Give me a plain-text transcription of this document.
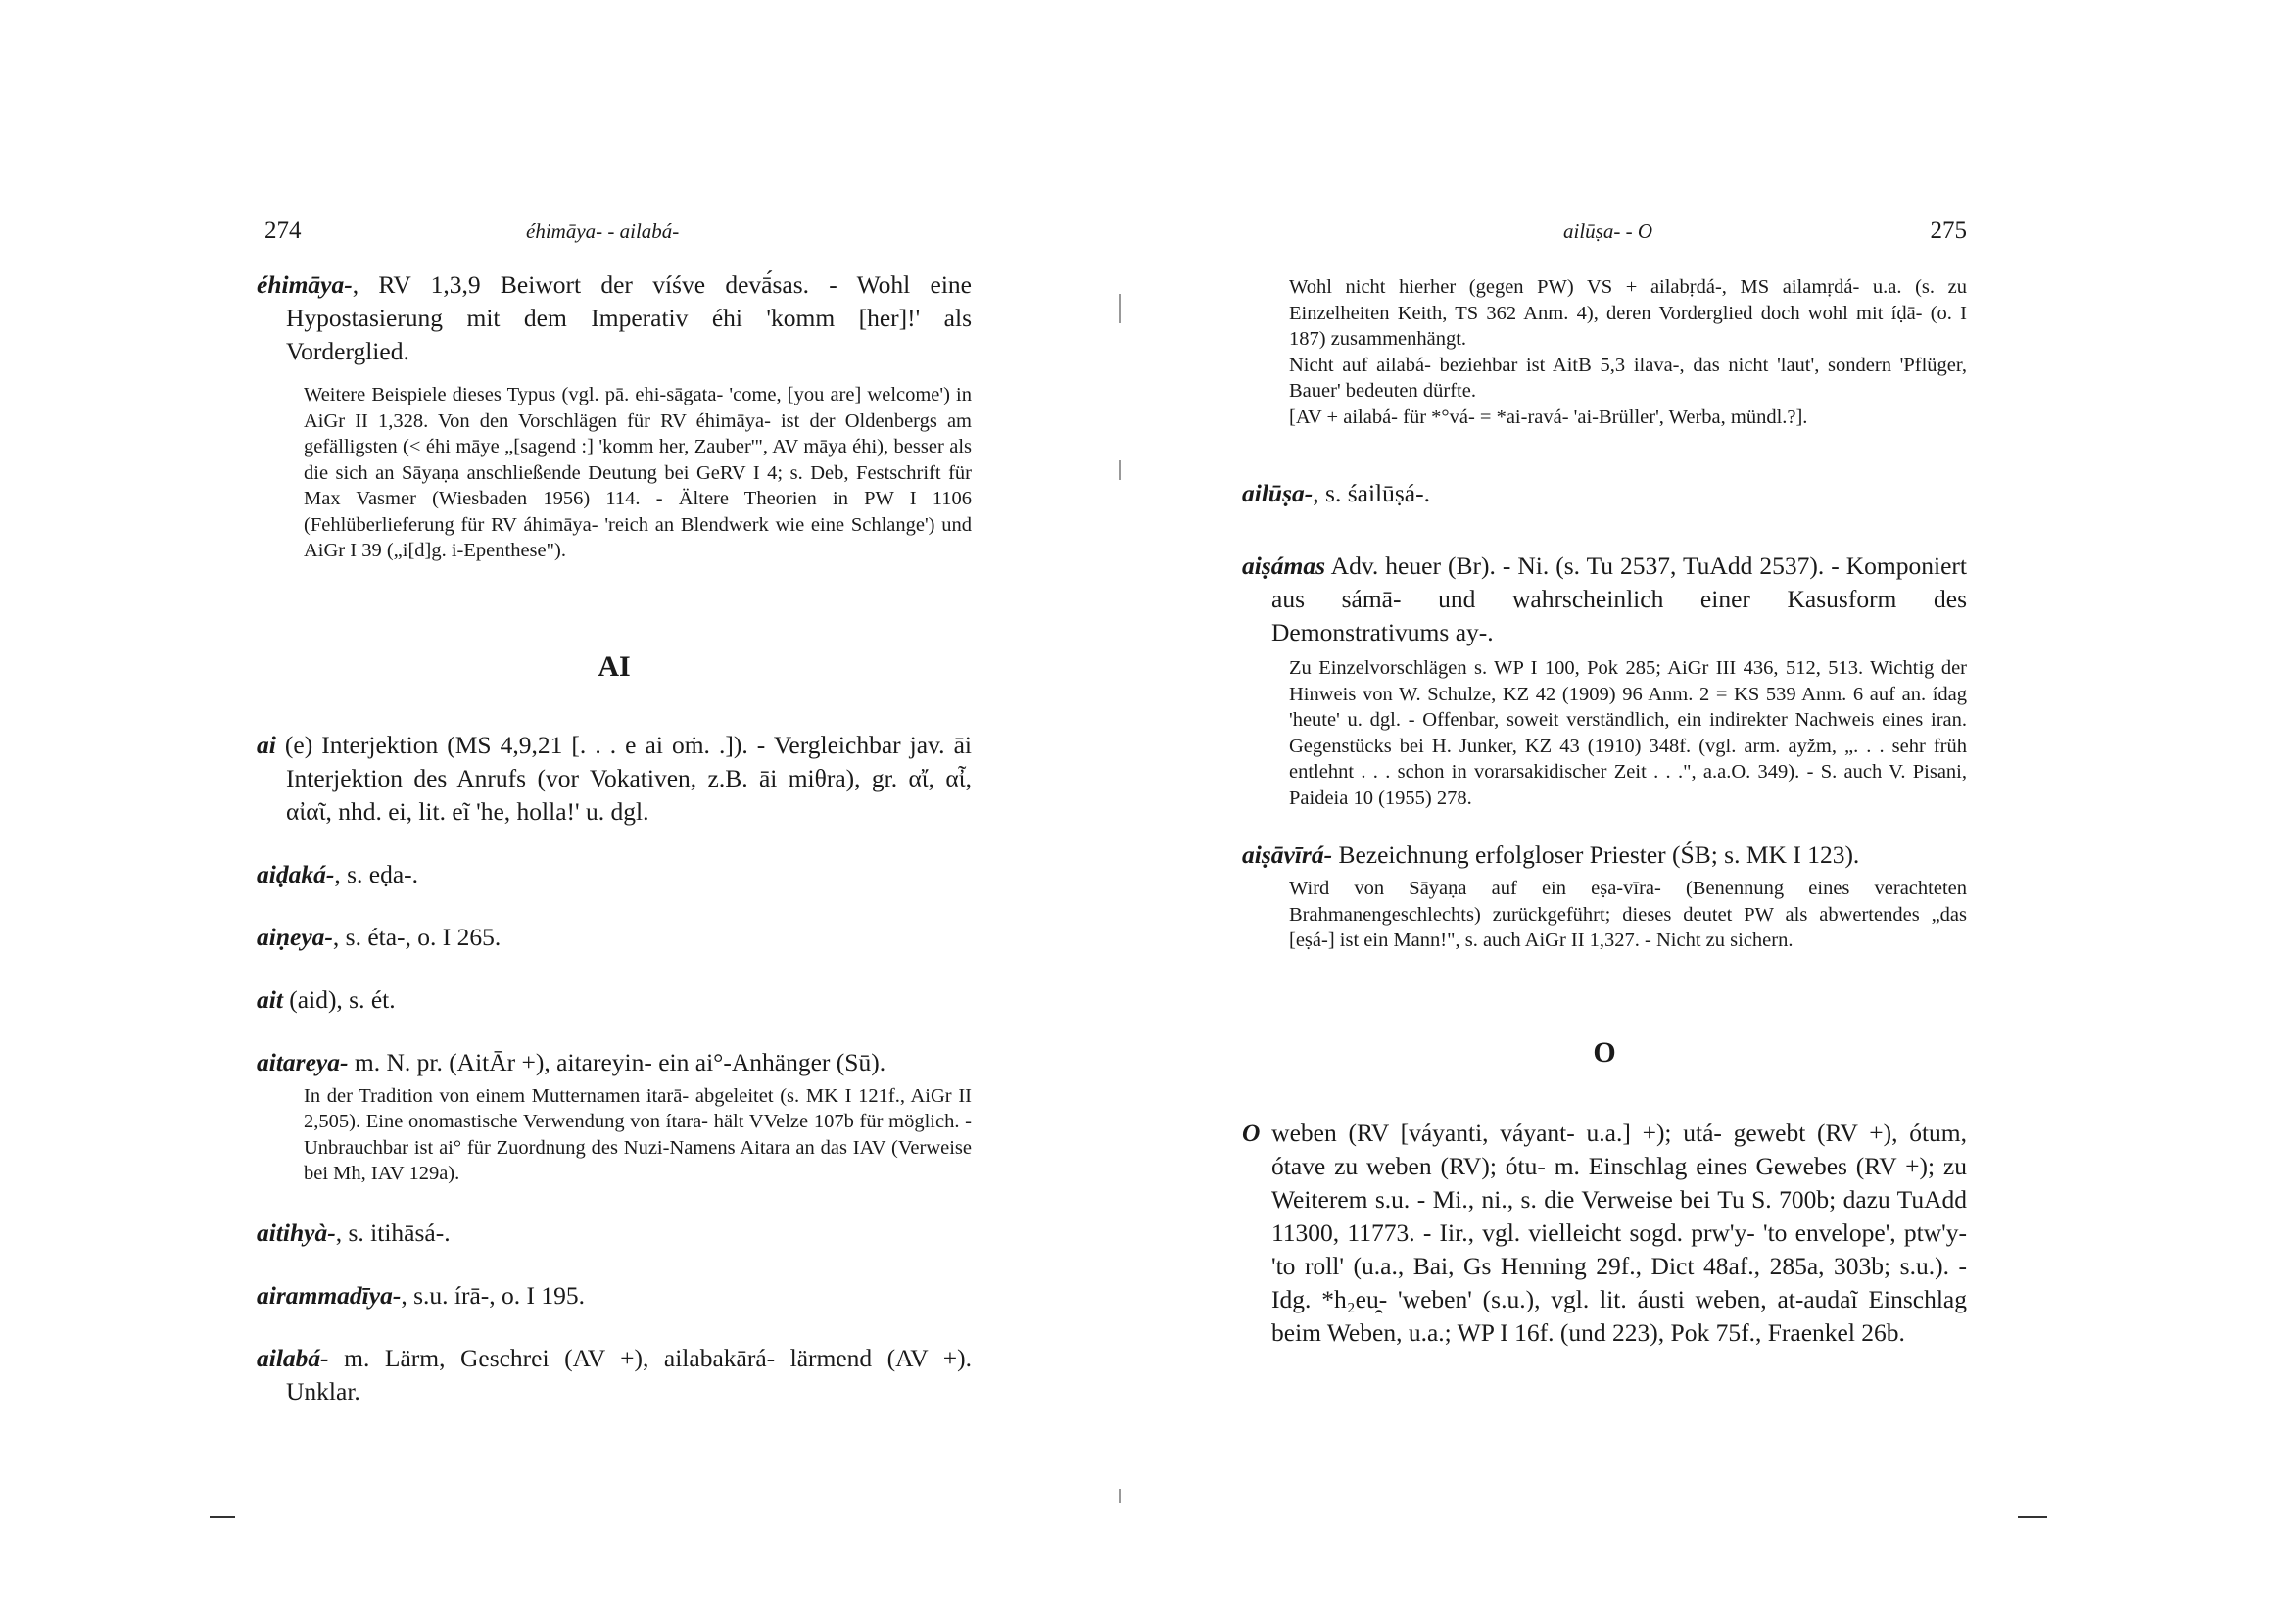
274	éhimāya- - ailabá-

éhimāya-, RV 1,3,9 Beiwort der víśve devā́sas. - Wohl eine Hypostasierung mit dem Imperativ éhi 'komm [her]!' als Vorderglied.

Weitere Beispiele dieses Typus (vgl. pā. ehi-sāgata- 'come, [you are] welcome') in AiGr II 1,328. Von den Vorschlägen für RV éhimāya- ist der Oldenbergs am gefälligsten (< éhi māye „[sagend :] 'komm her, Zauber'", AV māya éhi), besser als die sich an Sāyaṇa anschließende Deutung bei GeRV I 4; s. Deb, Festschrift für Max Vasmer (Wiesbaden 1956) 114. - Ältere Theorien in PW I 1106 (Fehlüberlieferung für RV áhimāya- 'reich an Blendwerk wie eine Schlange') und AiGr I 39 („i[d]g. i-Epenthese").
AI

ai (e) Interjektion (MS 4,9,21 [. . . e ai oṁ. .]). - Vergleichbar jav. āi Interjektion des Anrufs (vor Vokativen, z.B. āi miθra), gr. αἴ, αἶ, αἰαῖ, nhd. ei, lit. eĩ 'he, holla!' u. dgl.

aiḍaká-, s. eḍa-.

aiṇeya-, s. éta-, o. I 265.

ait (aid), s. ét.

aitareya- m. N. pr. (AitĀr +), aitareyin- ein ai°-Anhänger (Sū).

In der Tradition von einem Mutternamen itarā- abgeleitet (s. MK I 121f., AiGr II 2,505). Eine onomastische Verwendung von ítara- hält VVelze 107b für möglich. - Unbrauchbar ist ai° für Zuordnung des Nuzi-Namens Aitara an das IAV (Verweise bei Mh, IAV 129a).

aitihyà-, s. itihāsá-.

airammadīya-, s.u. írā-, o. I 195.

ailabá- m. Lärm, Geschrei (AV +), ailabakārá- lärmend (AV +). Unklar.

ailūṣa- - O	275

Wohl nicht hierher (gegen PW) VS + ailabṛdá-, MS ailamṛdá- u.a. (s. zu Einzelheiten Keith, TS 362 Anm. 4), deren Vorderglied doch wohl mit íḍā- (o. I 187) zusammenhängt.

Nicht auf ailabá- beziehbar ist AitB 5,3 ilava-, das nicht 'laut', sondern 'Pflüger, Bauer' bedeuten dürfte.

[AV + ailabá- für *°vá- = *ai-ravá- 'ai-Brüller', Werba, mündl.?].

ailūṣa-, s. śailūṣá-.

aiṣámas Adv. heuer (Br). - Ni. (s. Tu 2537, TuAdd 2537). - Komponiert aus sámā- und wahrscheinlich einer Kasusform des Demonstrativums ay-.

Zu Einzelvorschlägen s. WP I 100, Pok 285; AiGr III 436, 512, 513. Wichtig der Hinweis von W. Schulze, KZ 42 (1909) 96 Anm. 2 = KS 539 Anm. 6 auf an. ídag 'heute' u. dgl. - Offenbar, soweit verständlich, ein indirekter Nachweis eines iran. Gegenstücks bei H. Junker, KZ 43 (1910) 348f. (vgl. arm. ayžm, „. . . sehr früh entlehnt . . . schon in vorarsakidischer Zeit . . .", a.a.O. 349). - S. auch V. Pisani, Paideia 10 (1955) 278.

aiṣāvīrá- Bezeichnung erfolgloser Priester (ŚB; s. MK I 123).

Wird von Sāyaṇa auf ein eṣa-vīra- (Benennung eines verachteten Brahmanengeschlechts) zurückgeführt; dieses deutet PW als abwertendes „das [eṣá-] ist ein Mann!", s. auch AiGr II 1,327. - Nicht zu sichern.
O

O weben (RV [váyanti, váyant- u.a.] +); utá- gewebt (RV +), ótum, ótave zu weben (RV); ótu- m. Einschlag eines Gewebes (RV +); zu Weiterem s.u. - Mi., ni., s. die Verweise bei Tu S. 700b; dazu TuAdd 11300, 11773. - Iir., vgl. vielleicht sogd. prw'y- 'to envelope', ptw'y- 'to roll' (u.a., Bai, Gs Henning 29f., Dict 48af., 285a, 303b; s.u.). - Idg. *h₂eu̯- 'weben' (s.u.), vgl. lit. áusti weben, at-audaĩ Einschlag beim Weben, u.a.; WP I 16f. (und 223), Pok 75f., Fraenkel 26b.
